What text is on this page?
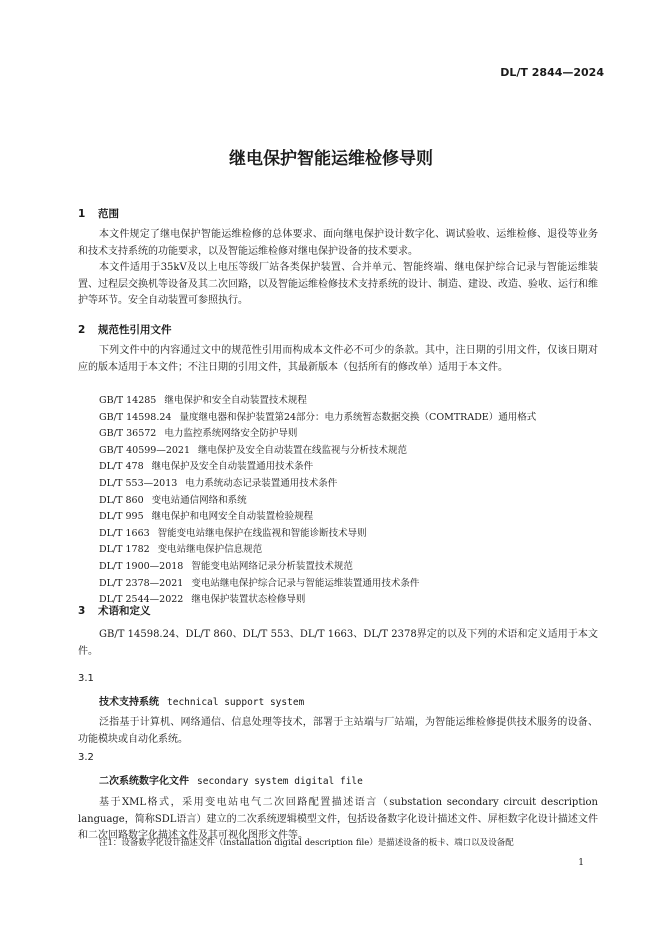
DL/T 2844—2024
继电保护智能运维检修导则
1 范围

本文件规定了继电保护智能运维检修的总体要求、面向继电保护设计数字化、调试验收、运维检修、退役等业务和技术支持系统的功能要求，以及智能运维检修对继电保护设备的技术要求。

本文件适用于35kV及以上电压等级厂站各类保护装置、合并单元、智能终端、继电保护综合记录与智能运维装置、过程层交换机等设备及其二次回路，以及智能运维检修技术支持系统的设计、制造、建设、改造、验收、运行和维护等环节。安全自动装置可参照执行。

2 规范性引用文件

下列文件中的内容通过文中的规范性引用而构成本文件必不可少的条款。其中，注日期的引用文件，仅该日期对应的版本适用于本文件；不注日期的引用文件，其最新版本（包括所有的修改单）适用于本文件。

GB/T 14285 继电保护和安全自动装置技术规程
GB/T 14598.24 量度继电器和保护装置第24部分：电力系统暂态数据交换（COMTRADE）通用格式
GB/T 36572 电力监控系统网络安全防护导则
GB/T 40599—2021 继电保护及安全自动装置在线监视与分析技术规范
DL/T 478 继电保护及安全自动装置通用技术条件
DL/T 553—2013 电力系统动态记录装置通用技术条件
DL/T 860 变电站通信网络和系统
DL/T 995 继电保护和电网安全自动装置检验规程
DL/T 1663 智能变电站继电保护在线监视和智能诊断技术导则
DL/T 1782 变电站继电保护信息规范
DL/T 1900—2018 智能变电站网络记录分析装置技术规范
DL/T 2378—2021 变电站继电保护综合记录与智能运维装置通用技术条件
DL/T 2544—2022 继电保护装置状态检修导则
3 术语和定义

GB/T 14598.24、DL/T 860、DL/T 553、DL/T 1663、DL/T 2378界定的以及下列的术语和定义适用于本文件。

3.1
技术支持系统 technical support system

泛指基于计算机、网络通信、信息处理等技术，部署于主站端与厂站端，为智能运维检修提供技术服务的设备、功能模块或自动化系统。

3.2
二次系统数字化文件 secondary system digital file

基于XML格式，采用变电站电气二次回路配置描述语言（substation secondary circuit description language，简称SDL语言）建立的二次系统逻辑模型文件，包括设备数字化设计描述文件、屏柜数字化设计描述文件和二次回路数字化描述文件及其可视化图形文件等。

注1：设备数字化设计描述文件（installation digital description file）是描述设备的板卡、端口以及设备配
1
